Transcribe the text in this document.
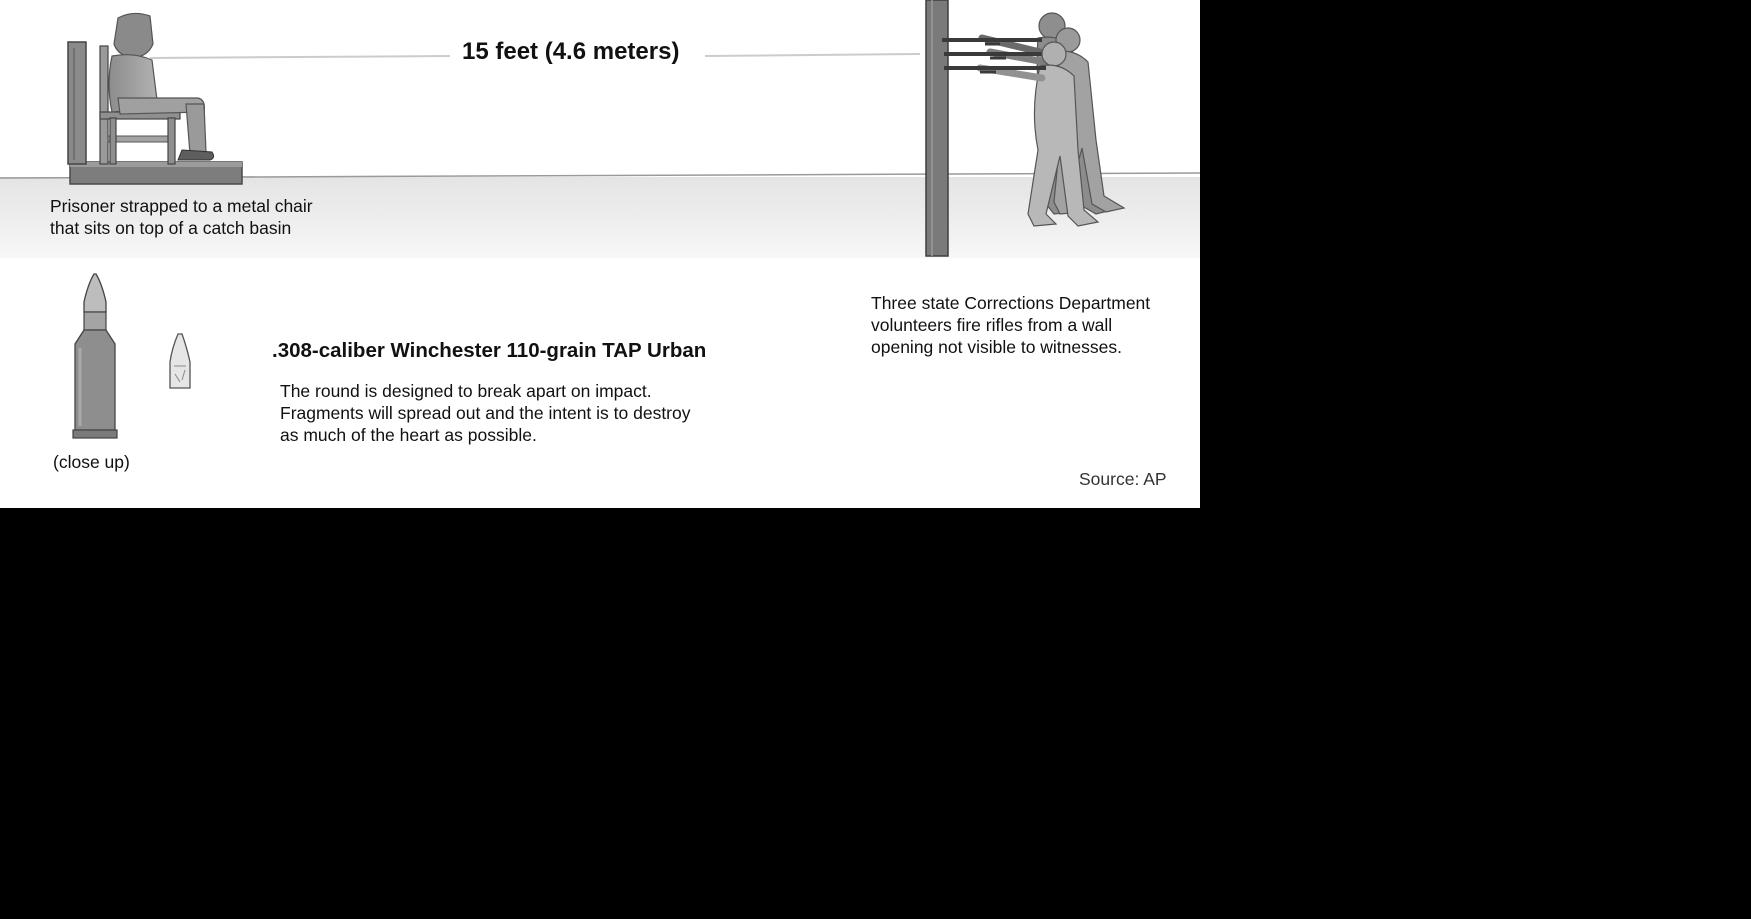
15 feet (4.6 meters)
Prisoner strapped to a metal chair
that sits on top of a catch basin
Three state Corrections Department
volunteers fire rifles from a wall
opening not visible to witnesses.
.308-caliber Winchester 110-grain TAP Urban
The round is designed to break apart on impact.
Fragments will spread out and the intent is to destroy
as much of the heart as possible.
(close up)
Source: AP
